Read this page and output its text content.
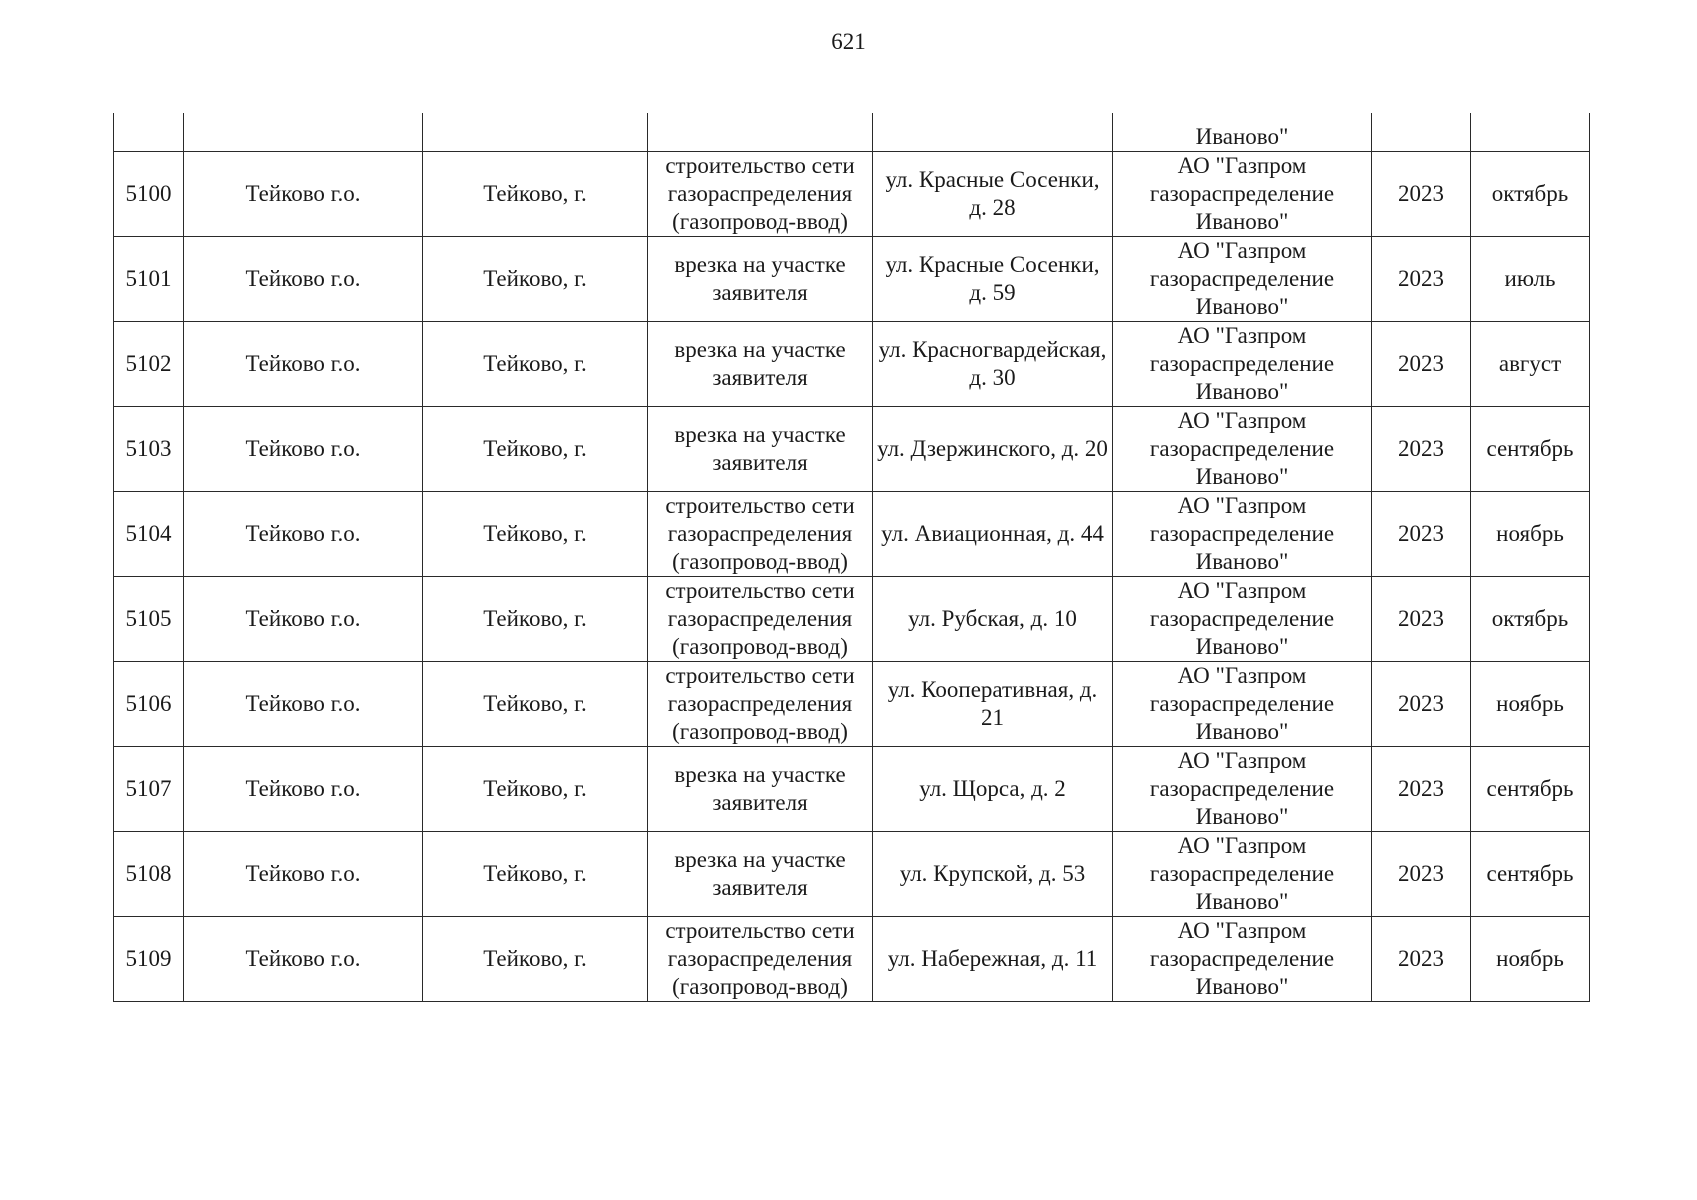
621
					Иваново"		
5100	Тейково г.о.	Тейково, г.	строительство сети газораспределения (газопровод-ввод)	ул. Красные Сосенки, д. 28	АО "Газпром газораспределение Иваново"	2023	октябрь
5101	Тейково г.о.	Тейково, г.	врезка на участке заявителя	ул. Красные Сосенки, д. 59	АО "Газпром газораспределение Иваново"	2023	июль
5102	Тейково г.о.	Тейково, г.	врезка на участке заявителя	ул. Красногвардейская, д. 30	АО "Газпром газораспределение Иваново"	2023	август
5103	Тейково г.о.	Тейково, г.	врезка на участке заявителя	ул. Дзержинского, д. 20	АО "Газпром газораспределение Иваново"	2023	сентябрь
5104	Тейково г.о.	Тейково, г.	строительство сети газораспределения (газопровод-ввод)	ул. Авиационная, д. 44	АО "Газпром газораспределение Иваново"	2023	ноябрь
5105	Тейково г.о.	Тейково, г.	строительство сети газораспределения (газопровод-ввод)	ул. Рубская, д. 10	АО "Газпром газораспределение Иваново"	2023	октябрь
5106	Тейково г.о.	Тейково, г.	строительство сети газораспределения (газопровод-ввод)	ул. Кооперативная, д. 21	АО "Газпром газораспределение Иваново"	2023	ноябрь
5107	Тейково г.о.	Тейково, г.	врезка на участке заявителя	ул. Щорса, д. 2	АО "Газпром газораспределение Иваново"	2023	сентябрь
5108	Тейково г.о.	Тейково, г.	врезка на участке заявителя	ул. Крупской, д. 53	АО "Газпром газораспределение Иваново"	2023	сентябрь
5109	Тейково г.о.	Тейково, г.	строительство сети газораспределения (газопровод-ввод)	ул. Набережная, д. 11	АО "Газпром газораспределение Иваново"	2023	ноябрь
